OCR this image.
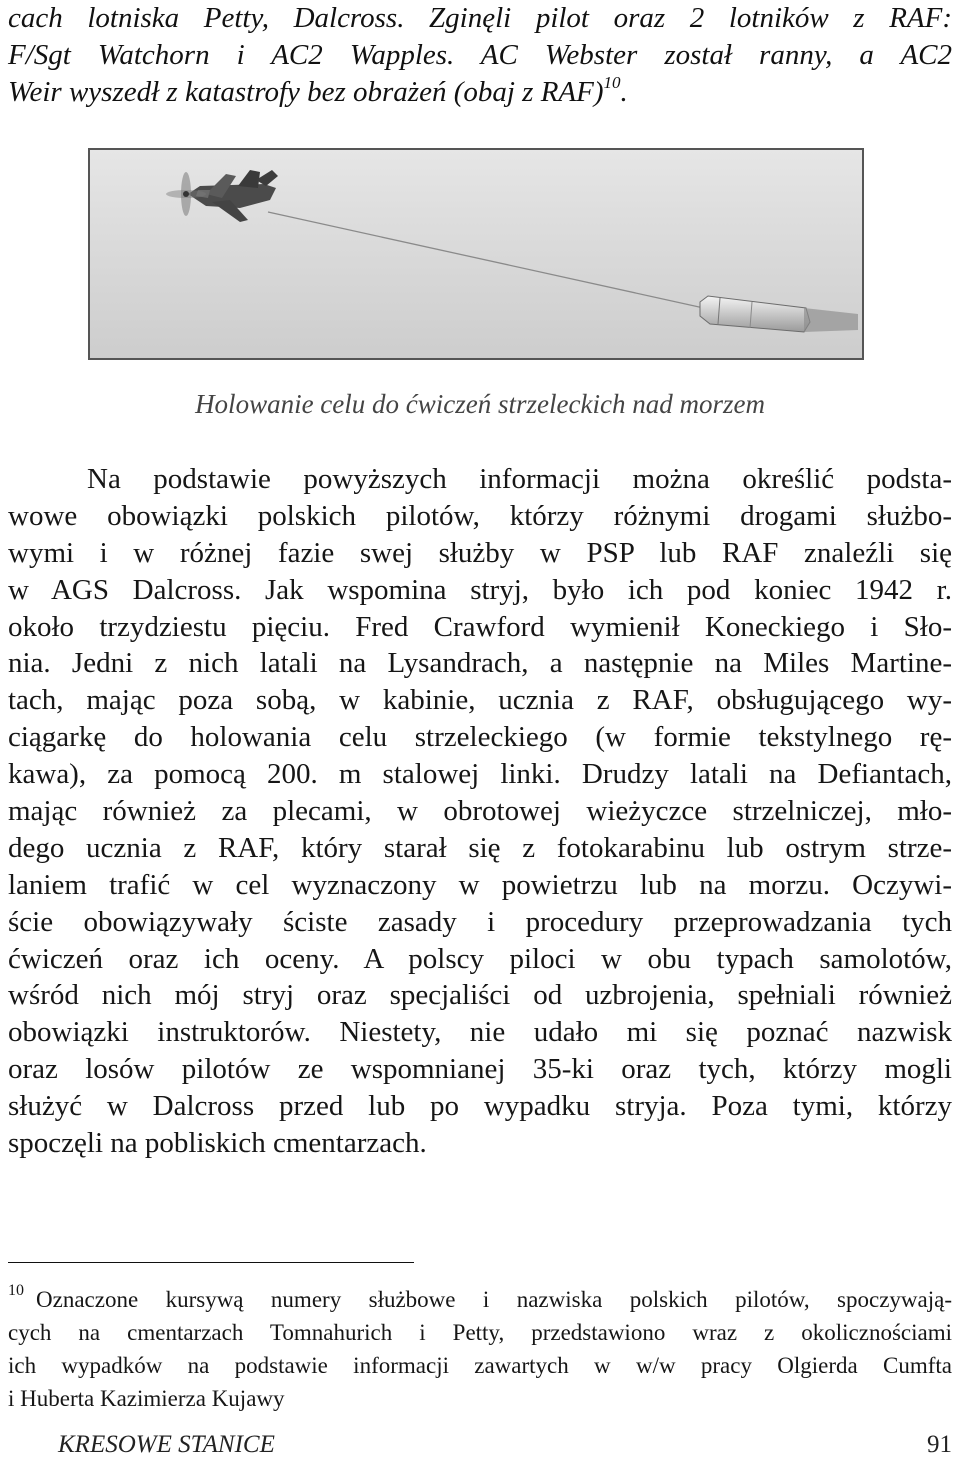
cach lotniska Petty, Dalcross. Zginęli pilot oraz 2 lotników z RAF:
F/Sgt Watchorn i AC2 Wapples. AC Webster został ranny, a AC2
Weir wyszedł z katastrofy bez obrażeń (obaj z RAF)$^{10}$.
Holowanie celu do ćwiczeń strzeleckich nad morzem
Na podstawie powyższych informacji można określić podsta-
wowe obowiązki polskich pilotów, którzy różnymi drogami służbo-
wymi i w różnej fazie swej służby w PSP lub RAF znaleźli się
w AGS Dalcross. Jak wspomina stryj, było ich pod koniec 1942 r.
około trzydziestu pięciu. Fred Crawford wymienił Koneckiego i Sło-
nia. Jedni z nich latali na Lysandrach, a następnie na Miles Martine-
tach, mając poza sobą, w kabinie, ucznia z RAF, obsługującego wy-
ciągarkę do holowania celu strzeleckiego (w formie tekstylnego rę-
kawa), za pomocą 200. m stalowej linki. Drudzy latali na Defiantach,
mając również za plecami, w obrotowej wieżyczce strzelniczej, mło-
dego ucznia z RAF, który starał się z fotokarabinu lub ostrym strze-
laniem trafić w cel wyznaczony w powietrzu lub na morzu. Oczywi-
ście obowiązywały ściste zasady i procedury przeprowadzania tych
ćwiczeń oraz ich oceny. A polscy piloci w obu typach samolotów,
wśród nich mój stryj oraz specjaliści od uzbrojenia, spełniali również
obowiązki instruktorów. Niestety, nie udało mi się poznać nazwisk
oraz losów pilotów ze wspomnianej 35-ki oraz tych, którzy mogli
służyć w Dalcross przed lub po wypadku stryja. Poza tymi, którzy
spoczęli na pobliskich cmentarzach.
$^{10}$ Oznaczone kursywą numery służbowe i nazwiska polskich pilotów, spoczywają-
cych na cmentarzach Tomnahurich i Petty, przedstawiono wraz z okolicznościami
ich wypadków na podstawie informacji zawartych w w/w pracy Olgierda Cumfta
i Huberta Kazimierza Kujawy
KRESOWE STANICE	91
